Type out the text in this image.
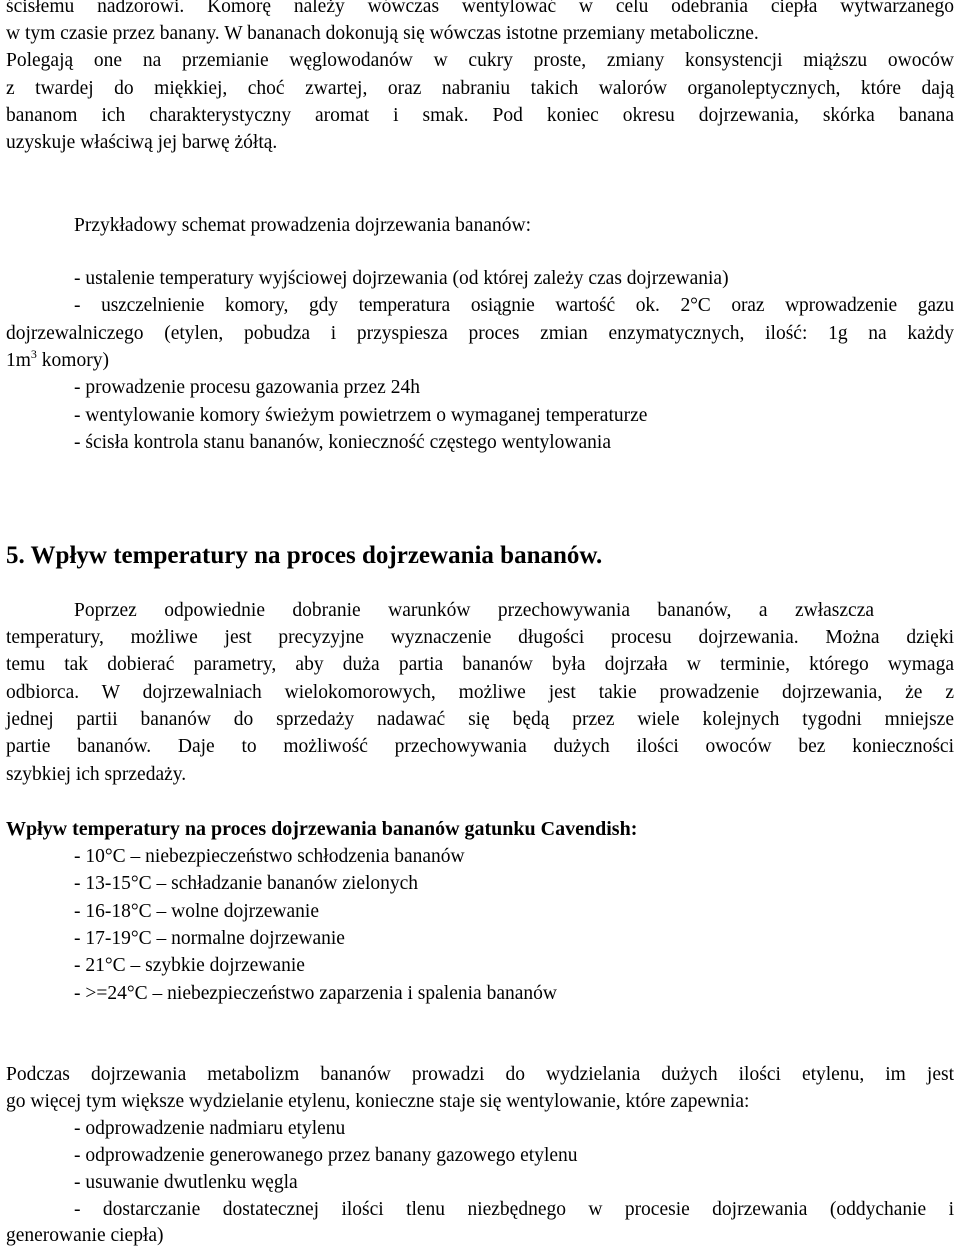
ścisłemu nadzorowi. Komorę należy wówczas wentylować w celu odebrania ciepła wytwarzanego
w tym czasie przez banany. W bananach dokonują się wówczas istotne przemiany metaboliczne.
Polegają one na przemianie węglowodanów w cukry proste, zmiany konsystencji miąższu owoców
z twardej do miękkiej, choć zwartej, oraz nabraniu takich walorów organoleptycznych, które dają
bananom ich charakterystyczny aromat i smak. Pod koniec okresu dojrzewania, skórka banana
uzyskuje właściwą jej barwę żółtą.
Przykładowy schemat prowadzenia dojrzewania bananów:
- ustalenie temperatury wyjściowej dojrzewania (od której zależy czas dojrzewania)
- uszczelnienie komory, gdy temperatura osiągnie wartość ok. 2°C oraz wprowadzenie gazu
dojrzewalniczego (etylen, pobudza i przyspiesza proces zmian enzymatycznych, ilość: 1g na każdy
$1m^3$ komory)
- prowadzenie procesu gazowania przez 24h
- wentylowanie komory świeżym powietrzem o wymaganej temperaturze
- ścisła kontrola stanu bananów, konieczność częstego wentylowania
5. Wpływ temperatury na proces dojrzewania bananów.
Poprzez odpowiednie dobranie warunków przechowywania bananów, a zwłaszcza
temperatury, możliwe jest precyzyjne wyznaczenie długości procesu dojrzewania. Można dzięki
temu tak dobierać parametry, aby duża partia bananów była dojrzała w terminie, którego wymaga
odbiorca. W dojrzewalniach wielokomorowych, możliwe jest takie prowadzenie dojrzewania, że z
jednej partii bananów do sprzedaży nadawać się będą przez wiele kolejnych tygodni mniejsze
partie bananów. Daje to możliwość przechowywania dużych ilości owoców bez konieczności
szybkiej ich sprzedaży.
Wpływ temperatury na proces dojrzewania bananów gatunku Cavendish:
- 10°C – niebezpieczeństwo schłodzenia bananów
- 13-15°C – schładzanie bananów zielonych
- 16-18°C – wolne dojrzewanie
- 17-19°C – normalne dojrzewanie
- 21°C – szybkie dojrzewanie
- >=24°C – niebezpieczeństwo zaparzenia i spalenia bananów
Podczas dojrzewania metabolizm bananów prowadzi do wydzielania dużych ilości etylenu, im jest
go więcej tym większe wydzielanie etylenu, konieczne staje się wentylowanie, które zapewnia:
- odprowadzenie nadmiaru etylenu
- odprowadzenie generowanego przez banany gazowego etylenu
- usuwanie dwutlenku węgla
- dostarczanie dostatecznej ilości tlenu niezbędnego w procesie dojrzewania (oddychanie i
generowanie ciepła)
